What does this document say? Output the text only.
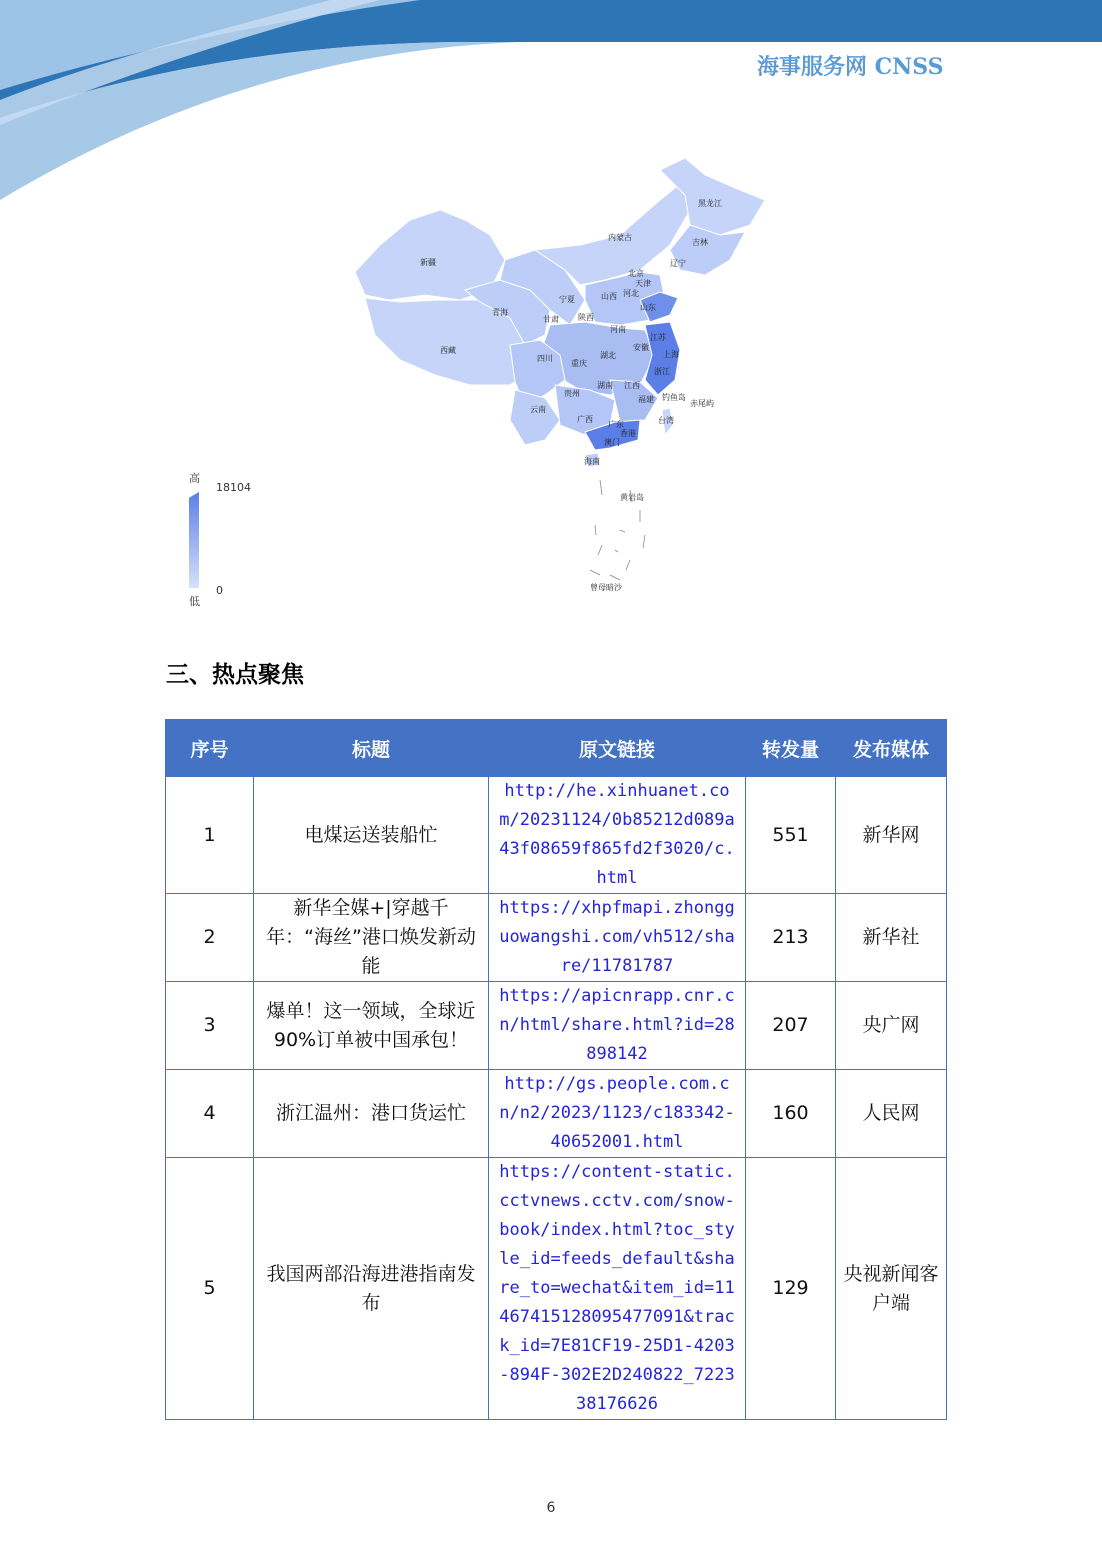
海事服务网 CNSS
新疆
西藏
青海
甘肃
内蒙古
黑龙江
吉林
辽宁
北京
天津
河北
山西
宁夏
陕西
山东
河南
江苏
安徽
上海
湖北
四川
重庆
浙江
湖南 江西
贵州
云南
福建
广西
广东
香港
澳门
台湾
海南
钓鱼岛
赤尾屿
黄岩岛
曾母暗沙
高
18104
0
低
三、热点聚焦
序号	标题	原文链接	转发量	发布媒体
1	电煤运送装船忙	http://he.xinhuanet.com/20231124/0b85212d089a43f08659f865fd2f3020/c.html	551	新华网
2	新华全媒+|穿越千年：“海丝”港口焕发新动能	https://xhpfmapi.zhongguowangshi.com/vh512/share/11781787	213	新华社
3	爆单！这一领域，全球近90%订单被中国承包！	https://apicnrapp.cnr.cn/html/share.html?id=28898142	207	央广网
4	浙江温州：港口货运忙	http://gs.people.com.cn/n2/2023/1123/c183342-40652001.html	160	人民网
5	我国两部沿海进港指南发布	https://content-static.cctvnews.cctv.com/snow-book/index.html?toc_style_id=feeds_default&share_to=wechat&item_id=11467415128095477091&track_id=7E81CF19-25D1-4203-894F-302E2D240822_722338176626	129	央视新闻客户端
6
